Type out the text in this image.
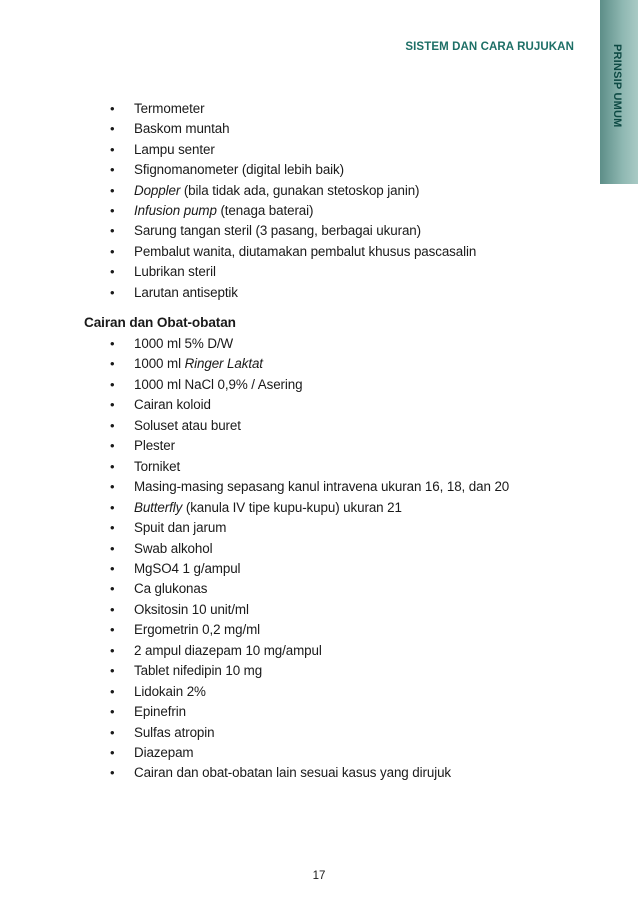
PRINSIP UMUM
SISTEM DAN CARA RUJUKAN
• Termometer
• Baskom muntah
• Lampu senter
• Sfignomanometer (digital lebih baik)
• Doppler (bila tidak ada, gunakan stetoskop janin)
• Infusion pump (tenaga baterai)
• Sarung tangan steril (3 pasang, berbagai ukuran)
• Pembalut wanita, diutamakan pembalut khusus pascasalin
• Lubrikan steril
• Larutan antiseptik
Cairan dan Obat-obatan
• 1000 ml 5% D/W
• 1000 ml Ringer Laktat
• 1000 ml NaCl 0,9% / Asering
• Cairan koloid
• Soluset atau buret
• Plester
• Torniket
• Masing-masing sepasang kanul intravena ukuran 16, 18, dan 20
• Butterfly (kanula IV tipe kupu-kupu) ukuran 21
• Spuit dan jarum
• Swab alkohol
• MgSO4 1 g/ampul
• Ca glukonas
• Oksitosin 10 unit/ml
• Ergometrin 0,2 mg/ml
• 2 ampul diazepam 10 mg/ampul
• Tablet nifedipin 10 mg
• Lidokain 2%
• Epinefrin
• Sulfas atropin
• Diazepam
• Cairan dan obat-obatan lain sesuai kasus yang dirujuk
17
